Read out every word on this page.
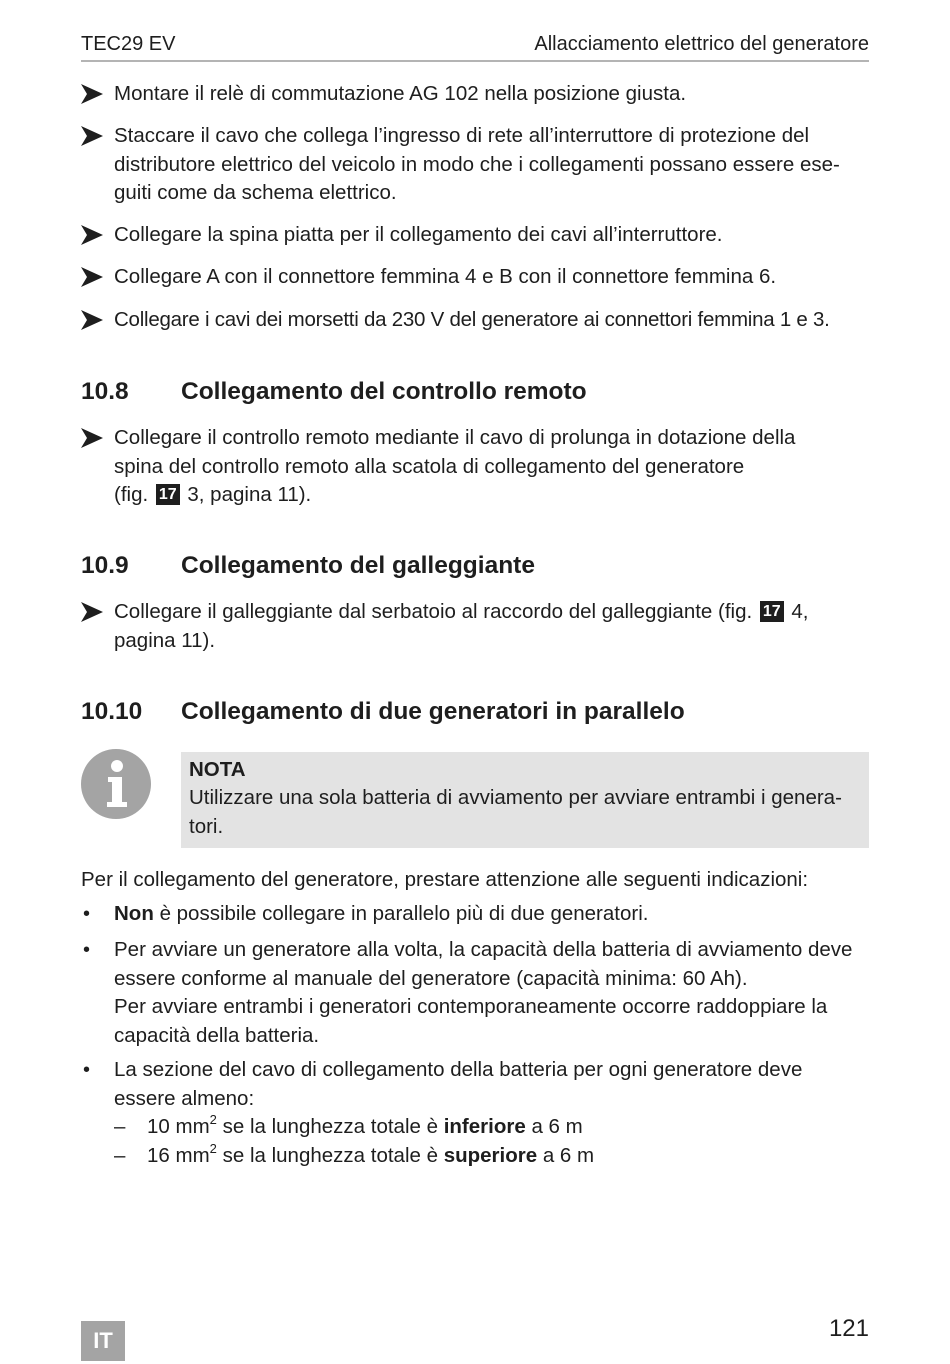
TEC29 EV	Allacciamento elettrico del generatore
Montare il relè di commutazione AG 102 nella posizione giusta.
Staccare il cavo che collega l’ingresso di rete all’interruttore di protezione del
distributore elettrico del veicolo in modo che i collegamenti possano essere ese-
guiti come da schema elettrico.
Collegare la spina piatta per il collegamento dei cavi all’interruttore.
Collegare A con il connettore femmina 4 e B con il connettore femmina 6.
Collegare i cavi dei morsetti da 230 V del generatore ai connettori femmina 1 e 3.
10.8 Collegamento del controllo remoto
Collegare il controllo remoto mediante il cavo di prolunga in dotazione della
spina del controllo remoto alla scatola di collegamento del generatore
(fig. 17 3, pagina 11).
10.9 Collegamento del galleggiante
Collegare il galleggiante dal serbatoio al raccordo del galleggiante (fig. 17 4,
pagina 11).
10.10 Collegamento di due generatori in parallelo
NOTA
Utilizzare una sola batteria di avviamento per avviare entrambi i genera-
tori.
Per il collegamento del generatore, prestare attenzione alle seguenti indicazioni:
• Non è possibile collegare in parallelo più di due generatori.
• Per avviare un generatore alla volta, la capacità della batteria di avviamento deve
essere conforme al manuale del generatore (capacità minima: 60 Ah).
Per avviare entrambi i generatori contemporaneamente occorre raddoppiare la
capacità della batteria.
• La sezione del cavo di collegamento della batteria per ogni generatore deve
essere almeno:
– 10 $mm^2$ se la lunghezza totale è inferiore a 6 m
– 16 $mm^2$ se la lunghezza totale è superiore a 6 m
IT	121
